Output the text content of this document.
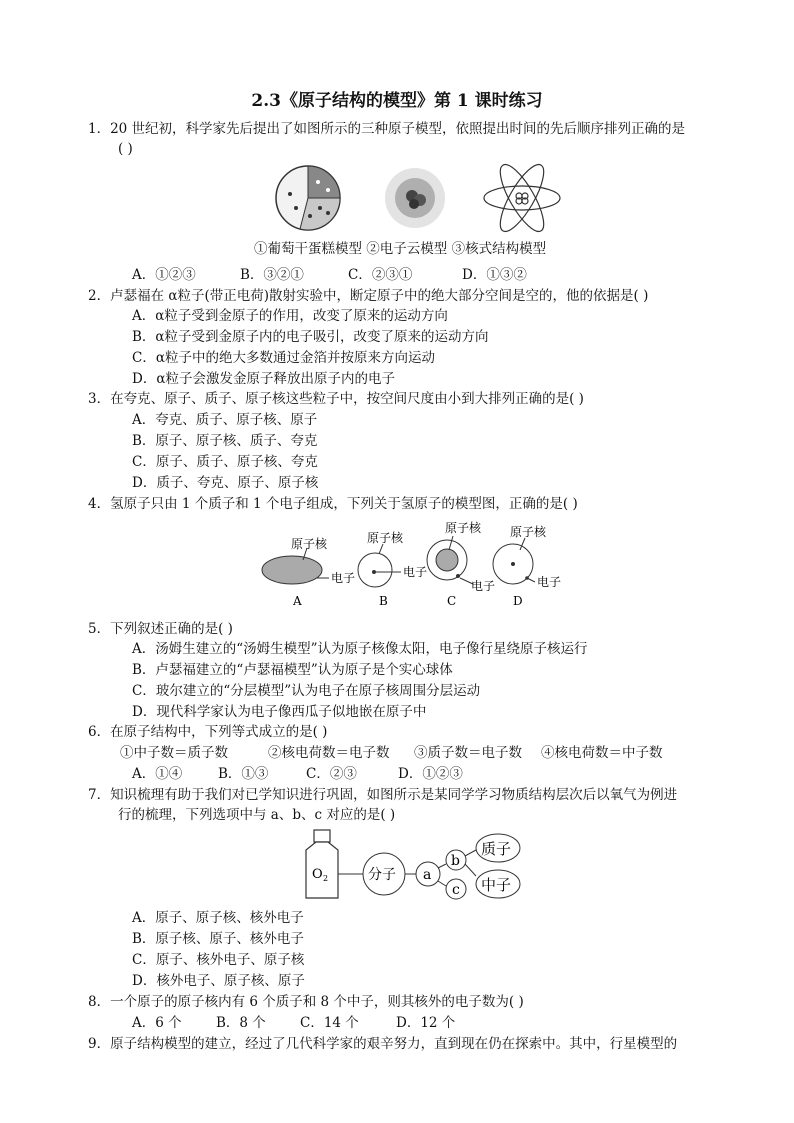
2.3《原子结构的模型》第 1 课时练习
1．20 世纪初，科学家先后提出了如图所示的三种原子模型，依照提出时间的先后顺序排列正确的是
( )
①葡萄干蛋糕模型 ②电子云模型 ③核式结构模型
A．①②③	B．③②①	C．②③①	D．①③②
2．卢瑟福在 α粒子(带正电荷)散射实验中，断定原子中的绝大部分空间是空的，他的依据是( )
A．α粒子受到金原子的作用，改变了原来的运动方向
B．α粒子受到金原子内的电子吸引，改变了原来的运动方向
C．α粒子中的绝大多数通过金箔并按原来方向运动
D．α粒子会激发金原子释放出原子内的电子
3．在夸克、原子、质子、原子核这些粒子中，按空间尺度由小到大排列正确的是( )
A．夸克、质子、原子核、原子
B．原子、原子核、质子、夸克
C．原子、质子、原子核、夸克
D．质子、夸克、原子、原子核
4．氢原子只由 1 个质子和 1 个电子组成，下列关于氢原子的模型图，正确的是( )
原子核
电子
A
原子核
电子
B
原子核
电子
C
原子核
电子
D
5．下列叙述正确的是( )
A．汤姆生建立的“汤姆生模型”认为原子核像太阳，电子像行星绕原子核运行
B．卢瑟福建立的“卢瑟福模型”认为原子是个实心球体
C．玻尔建立的“分层模型”认为电子在原子核周围分层运动
D．现代科学家认为电子像西瓜子似地嵌在原子中
6．在原子结构中，下列等式成立的是( )
①中子数＝质子数	②核电荷数＝电子数 ③质子数＝电子数 ④核电荷数＝中子数
A．①④	B．①③	C．②③	D．①②③
7．知识梳理有助于我们对已学知识进行巩固，如图所示是某同学学习物质结构层次后以氧气为例进
行的梳理，下列选项中与 a、b、c 对应的是( )
O 2	分子 a
b
c
质子
中子
A．原子、原子核、核外电子
B．原子核、原子、核外电子
C．原子、核外电子、原子核
D．核外电子、原子核、原子
8．一个原子的原子核内有 6 个质子和 8 个中子，则其核外的电子数为( )
A．6 个	B．8 个	C．14 个	D．12 个
9．原子结构模型的建立，经过了几代科学家的艰辛努力，直到现在仍在探索中。其中，行星模型的
